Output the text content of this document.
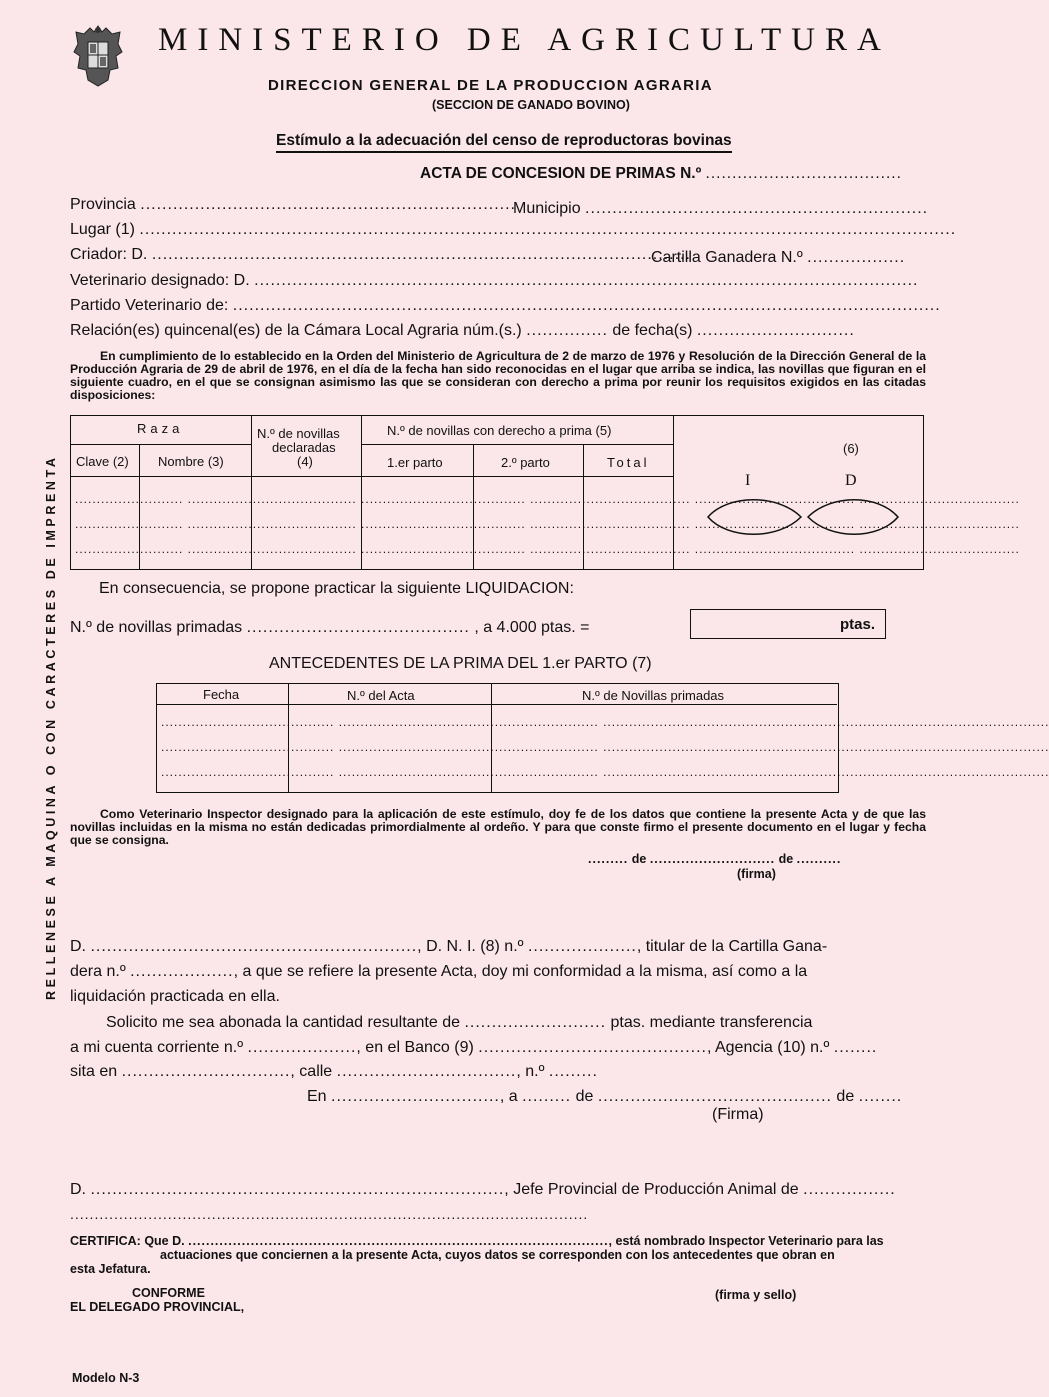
RELLENESE A MAQUINA O CON CARACTERES DE IMPRENTA
MINISTERIO DE AGRICULTURA
DIRECCION GENERAL DE LA PRODUCCION AGRARIA
(SECCION DE GANADO BOVINO)
Estímulo a la adecuación del censo de reproductoras bovinas
ACTA DE CONCESION DE PRIMAS N.º .....................................
Provincia .....................................................................
Municipio ...............................................................
Lugar (1) ......................................................................................................................................................
Criador: D. ...................................................................................................
Cartilla Ganadera N.º ..................
Veterinario designado: D. ..........................................................................................................................
Partido Veterinario de: ..................................................................................................................................
Relación(es) quincenal(es) de la Cámara Local Agraria núm.(s.) ............... de fecha(s) .............................
En cumplimiento de lo establecido en la Orden del Ministerio de Agricultura de 2 de marzo de 1976 y Resolución de la Dirección General de la Producción Agraria de 29 de abril de 1976, en el día de la fecha han sido reconocidas en el lugar que arriba se indica, las novillas que figuran en el siguiente cuadro, en el que se consignan asimismo las que se consideran con derecho a prima por reunir los requisitos exigidos en las citadas disposiciones:
Raza
Clave (2) Nombre (3)
N.º de novillas
declaradas
(4)
N.º de novillas con derecho a prima (5)
1.er parto	2.º parto	Total
......................... ....................................... ...................................... ..................................... ..................................... .....................................
......................... ....................................... ...................................... ..................................... ..................................... .....................................
......................... ....................................... ...................................... ..................................... ..................................... .....................................
(6)
I	D
En consecuencia, se propone practicar la siguiente LIQUIDACION:
N.º de novillas primadas ......................................... , a 4.000 ptas. =	ptas.
ANTECEDENTES DE LA PRIMA DEL 1.er PARTO (7)
Fecha	N.º del Acta	N.º de Novillas primadas
........................................ ............................................................ .......................................................................................................
........................................ ............................................................ .......................................................................................................
........................................ ............................................................ .......................................................................................................
Como Veterinario Inspector designado para la aplicación de este estímulo, doy fe de los datos que contiene la presente Acta y de que las novillas incluidas en la misma no están dedicadas primordialmente al ordeño. Y para que conste firmo el presente documento en el lugar y fecha que se consigna.
......... de ............................ de ..........
(firma)
D. ............................................................, D. N. I. (8) n.º ...................., titular de la Cartilla Gana-
dera n.º ..................., a que se refiere la presente Acta, doy mi conformidad a la misma, así como a la
liquidación practicada en ella.
Solicito me sea abonada la cantidad resultante de .......................... ptas. mediante transferencia
a mi cuenta corriente n.º ...................., en el Banco (9) .........................................., Agencia (10) n.º ........
sita en ..............................., calle ................................., n.º .........
En ..............................., a ......... de ........................................... de ........
(Firma)
D. ............................................................................, Jefe Provincial de Producción Animal de .................
..........................................................................................................
CERTIFICA: Que D. .............................................................................................., está nombrado Inspector Veterinario para las
actuaciones que conciernen a la presente Acta, cuyos datos se corresponden con los antecedentes que obran en
esta Jefatura.
CONFORME
EL DELEGADO PROVINCIAL,
(firma y sello)
Modelo N-3
